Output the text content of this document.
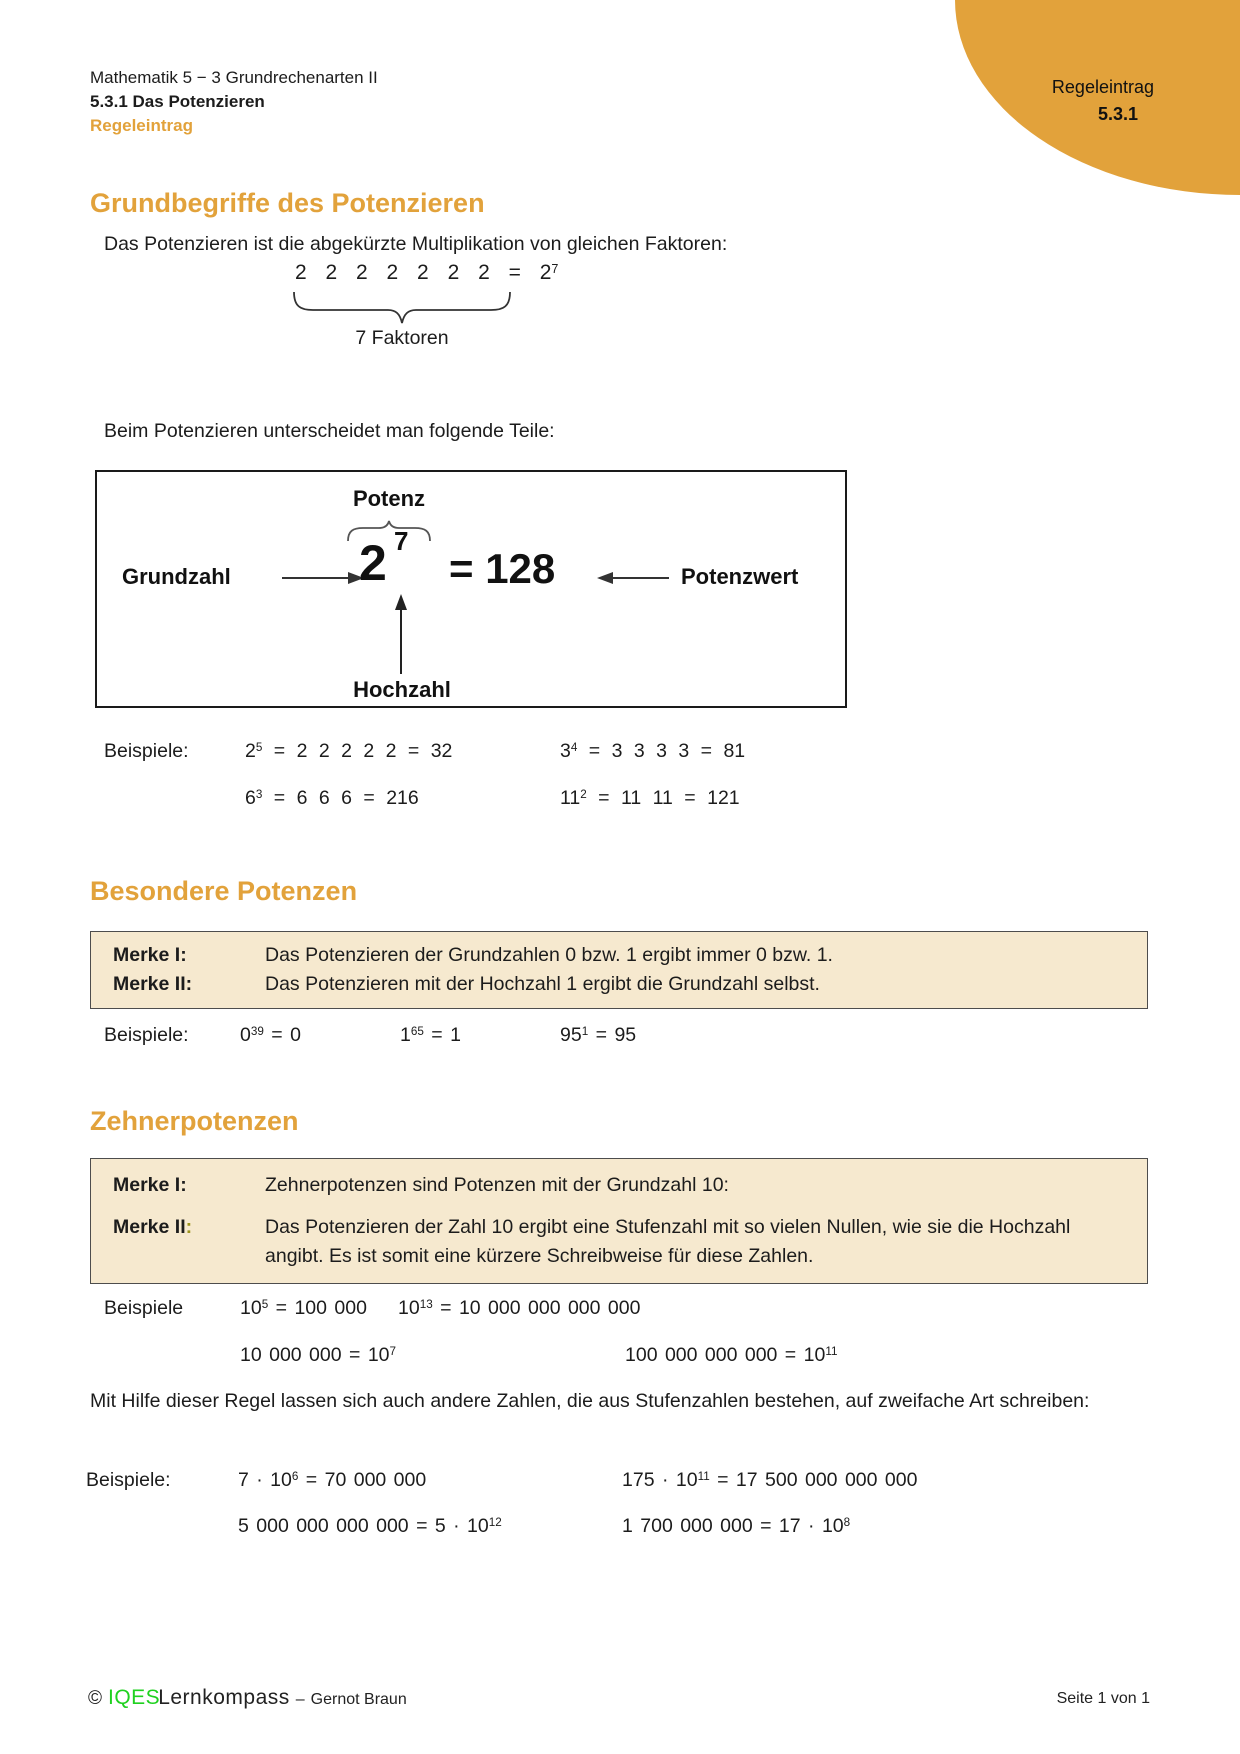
Regeleintrag
5.3.1
Mathematik 5 − 3 Grundrechenarten II
5.3.1 Das Potenzieren
Regeleintrag
Grundbegriffe des Potenzieren
Das Potenzieren ist die abgekürzte Multiplikation von gleichen Faktoren:
2 2 2 2 2 2 $2 = 2^7$
7 Faktoren
Beim Potenzieren unterscheidet man folgende Teile:
Potenz
Grundzahl	2 7
= 128	Potenzwert
Hochzahl
Beispiele:	$2^5 = 2$ 2 2 2 2 = 32	$3^4 = 3$ 3 3 3 = 81
$6^3 = 6$ 6 6 = 216	$11^2 = 11$ 11 = 121
Besondere Potenzen
Merke I:	Das Potenzieren der Grundzahlen 0 bzw. 1 ergibt immer 0 bzw. 1.
Merke II:	Das Potenzieren mit der Hochzahl 1 ergibt die Grundzahl selbst.
Beispiele:	$0^{39} = 0$	$1^{65} = 1$	$95^1 = 95$
Zehnerpotenzen
Merke I:	Zehnerpotenzen sind Potenzen mit der Grundzahl 10:
Merke II:	Das Potenzieren der Zahl 10 ergibt eine Stufenzahl mit so vielen Nullen, wie sie die Hochzahl angibt. Es ist somit eine kürzere Schreibweise für diese Zahlen.
Beispiele	$10^5 = 100$ 000 $10^{13} = 10$ 000 000 000 000
10 000 $000 = 10^7$	100 000 000 $000 = 10^{11}$
Mit Hilfe dieser Regel lassen sich auch andere Zahlen, die aus Stufenzahlen bestehen, auf zweifache Art schreiben:
Beispiele:	$7 \cdot 10^6 = 70$ 000 000	$175 \cdot 10^{11} = 17$ 500 000 000 000
5 000 000 000 $000 = 5 \cdot 10^{12}$	1 700 000 $000 = 17 \cdot 10^8$
© IQESLernkompass – Gernot Braun	Seite 1 von 1
